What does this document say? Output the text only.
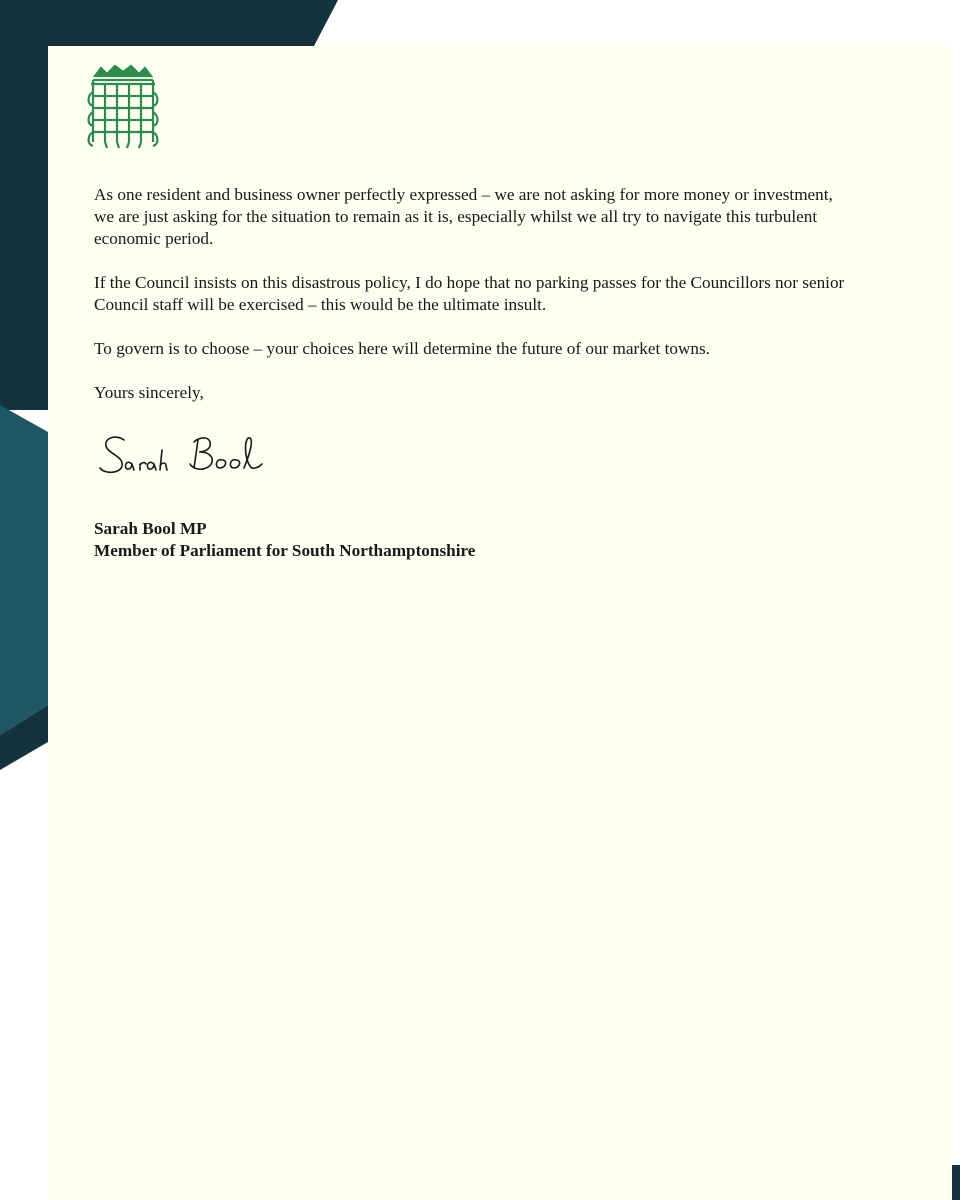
As one resident and business owner perfectly expressed – we are not asking for more money or investment, we are just asking for the situation to remain as it is, especially whilst we all try to navigate this turbulent economic period.

If the Council insists on this disastrous policy, I do hope that no parking passes for the Councillors nor senior Council staff will be exercised – this would be the ultimate insult.

To govern is to choose – your choices here will determine the future of our market towns.

Yours sincerely,

Sarah Bool MP
Member of Parliament for South Northamptonshire
